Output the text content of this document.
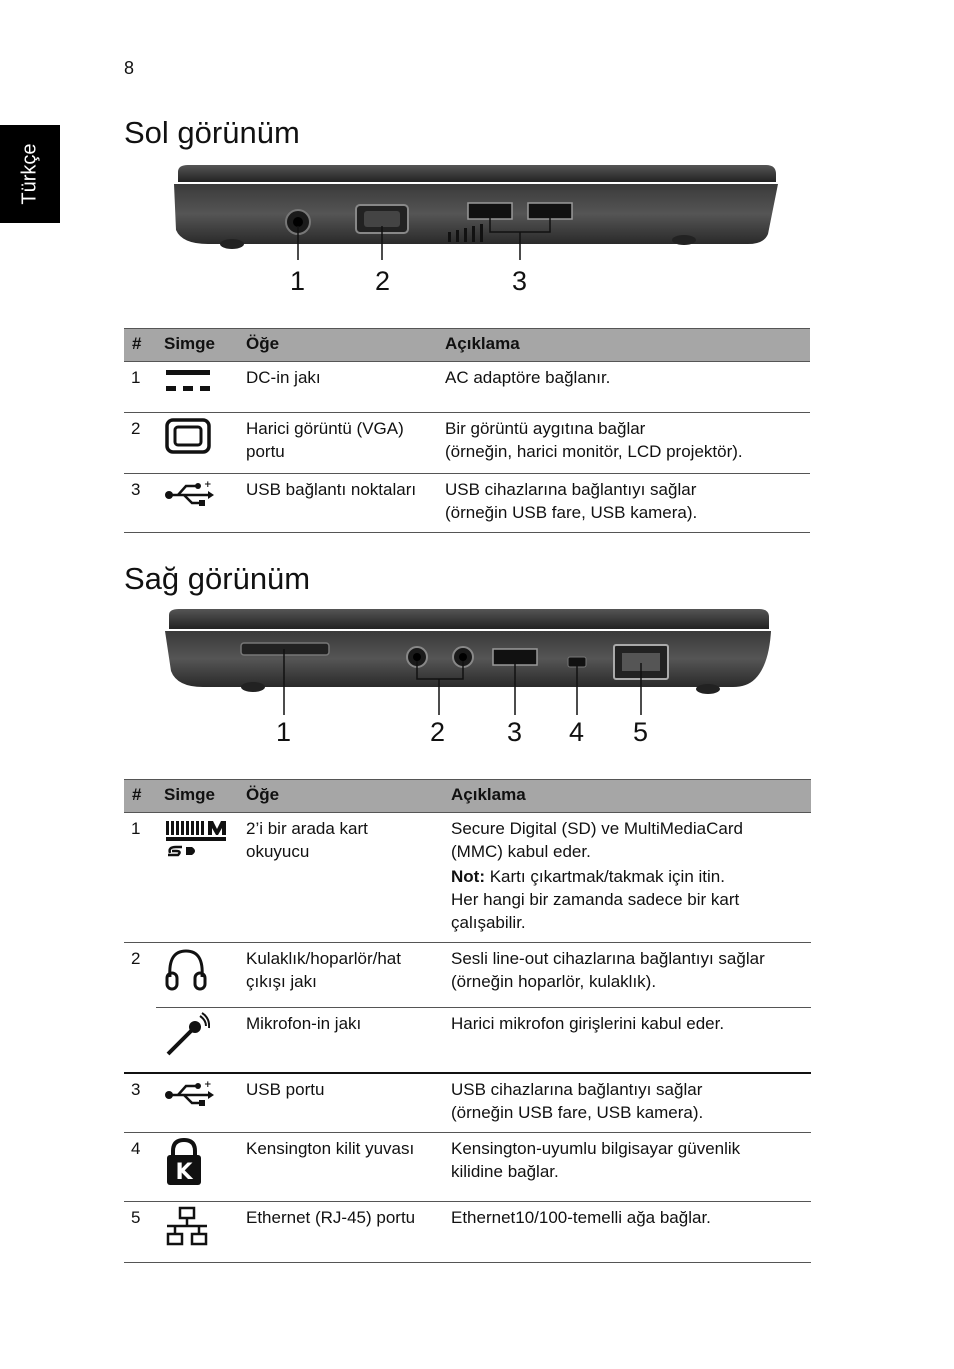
8
Türkçe
Sol görünüm
1	2	3
#	Simge	Öğe	Açıklama
1		DC-in jakı	AC adaptöre bağlanır.

2		Harici görüntü (VGA)
portu	Bir görüntü aygıtına bağlar
(örneğin, harici monitör, LCD projektör).

3	+	USB bağlantı noktaları	USB cihazlarına bağlantıyı sağlar
(örneğin USB fare, USB kamera).
Sağ görünüm
1	2 3 4 5
#	Simge	Öğe	Açıklama
1		2’i bir arada kart
okuyucu	Secure Digital (SD) ve MultiMediaCard
(MMC) kabul eder.
Not: Kartı çıkartmak/takmak için itin.
Her hangi bir zamanda sadece bir kart
çalışabilir.

2		Kulaklık/hoparlör/hat
çıkışı jakı	Sesli line-out cihazlarına bağlantıyı sağlar
(örneğin hoparlör, kulaklık).

Mikrofon-in jakı	Harici mikrofon girişlerini kabul eder.

3	+	USB portu	USB cihazlarına bağlantıyı sağlar
(örneğin USB fare, USB kamera).

4	K	Kensington kilit yuvası	Kensington-uyumlu bilgisayar güvenlik
kilidine bağlar.

5		Ethernet (RJ-45) portu	Ethernet10/100-temelli ağa bağlar.
